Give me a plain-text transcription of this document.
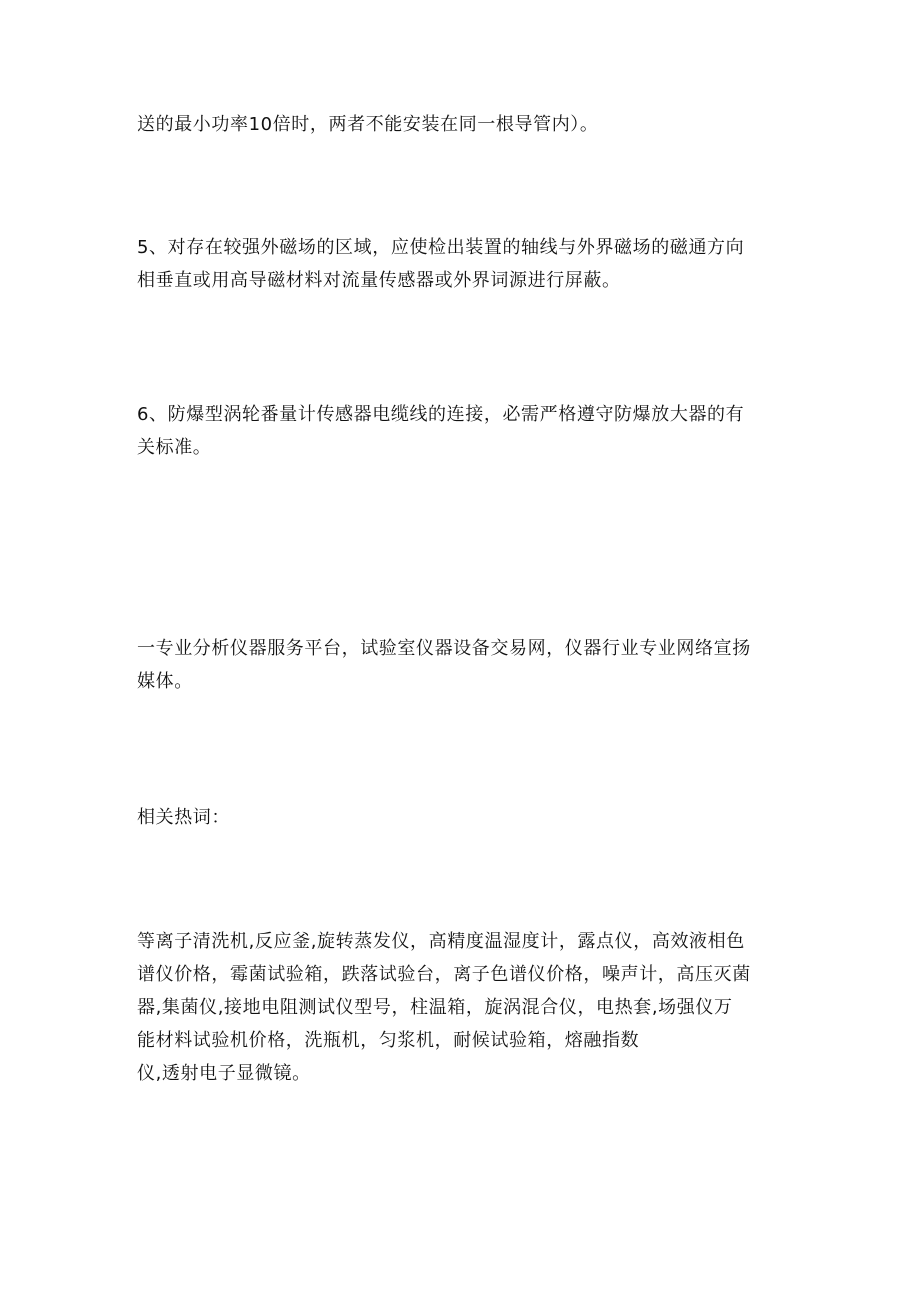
送的最小功率10倍时，两者不能安装在同一根导管内）。
5、对存在较强外磁场的区域，应使检出装置的轴线与外界磁场的磁通方向
相垂直或用高导磁材料对流量传感器或外界词源进行屏蔽。
6、防爆型涡轮番量计传感器电缆线的连接，必需严格遵守防爆放大器的有
关标准。
一专业分析仪器服务平台，试验室仪器设备交易网，仪器行业专业网络宣扬
媒体。
相关热词：
等离子清洗机,反应釜,旋转蒸发仪，高精度温湿度计，露点仪，高效液相色
谱仪价格，霉菌试验箱，跌落试验台，离子色谱仪价格，噪声计，高压灭菌
器,集菌仪,接地电阻测试仪型号，柱温箱，旋涡混合仪，电热套,场强仪万
能材料试验机价格，洗瓶机，匀浆机，耐候试验箱，熔融指数
仪,透射电子显微镜。
